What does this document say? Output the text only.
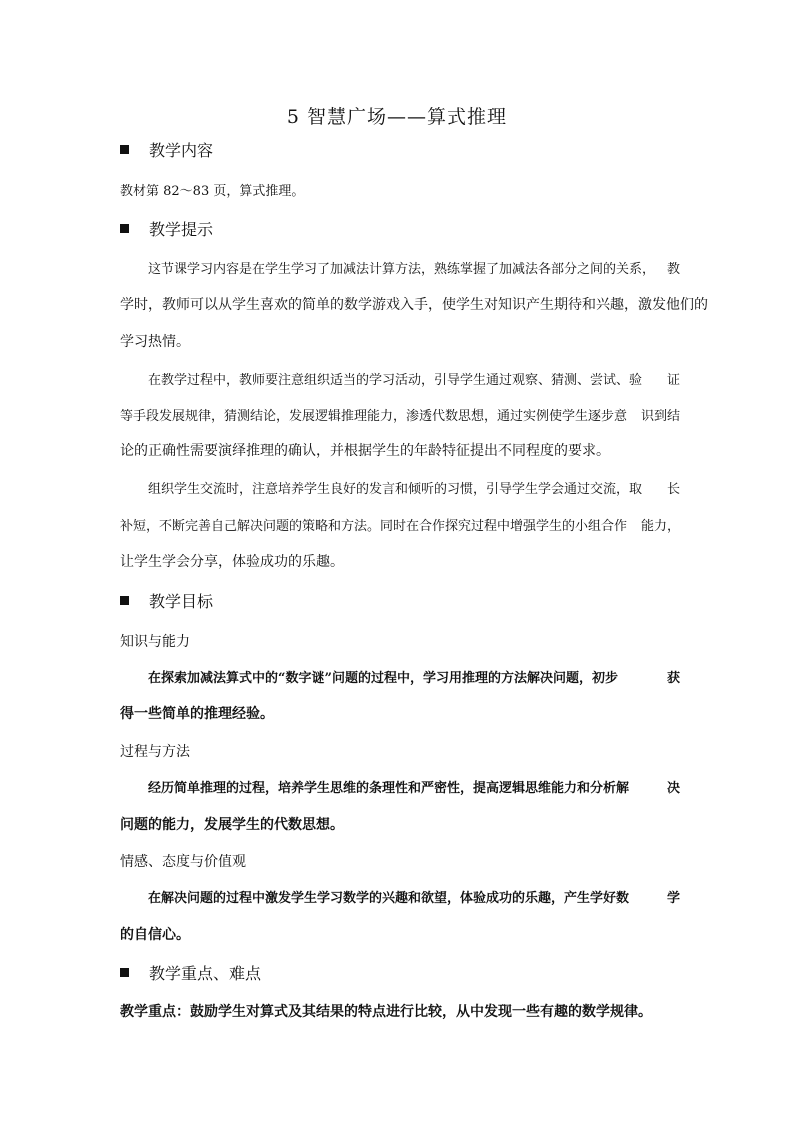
5 智慧广场——算式推理
教学内容
教材第 82～83 页，算式推理。
教学提示
这节课学习内容是在学生学习了加减法计算方法，熟练掌握了加减法各部分之间的关系， 教
学时，教师可以从学生喜欢的简单的数学游戏入手，使学生对知识产生期待和兴趣，激发他们的
学习热情。
在教学过程中，教师要注意组织适当的学习活动，引导学生通过观察、猜测、尝试、验 证
等手段发展规律，猜测结论，发展逻辑推理能力，渗透代数思想，通过实例使学生逐步意 识到结
论的正确性需要演绎推理的确认，并根据学生的年龄特征提出不同程度的要求。
组织学生交流时，注意培养学生良好的发言和倾听的习惯，引导学生学会通过交流，取 长
补短，不断完善自己解决问题的策略和方法。同时在合作探究过程中增强学生的小组合作 能力，
让学生学会分享，体验成功的乐趣。
教学目标
知识与能力
在探索加减法算式中的“数字谜”问题的过程中，学习用推理的方法解决问题，初步	获
得一些简单的推理经验。
过程与方法
经历简单推理的过程，培养学生思维的条理性和严密性，提高逻辑思维能力和分析解	决
问题的能力，发展学生的代数思想。
情感、态度与价值观
在解决问题的过程中激发学生学习数学的兴趣和欲望，体验成功的乐趣，产生学好数	学
的自信心。
教学重点、难点
教学重点：鼓励学生对算式及其结果的特点进行比较，从中发现一些有趣的数学规律。
